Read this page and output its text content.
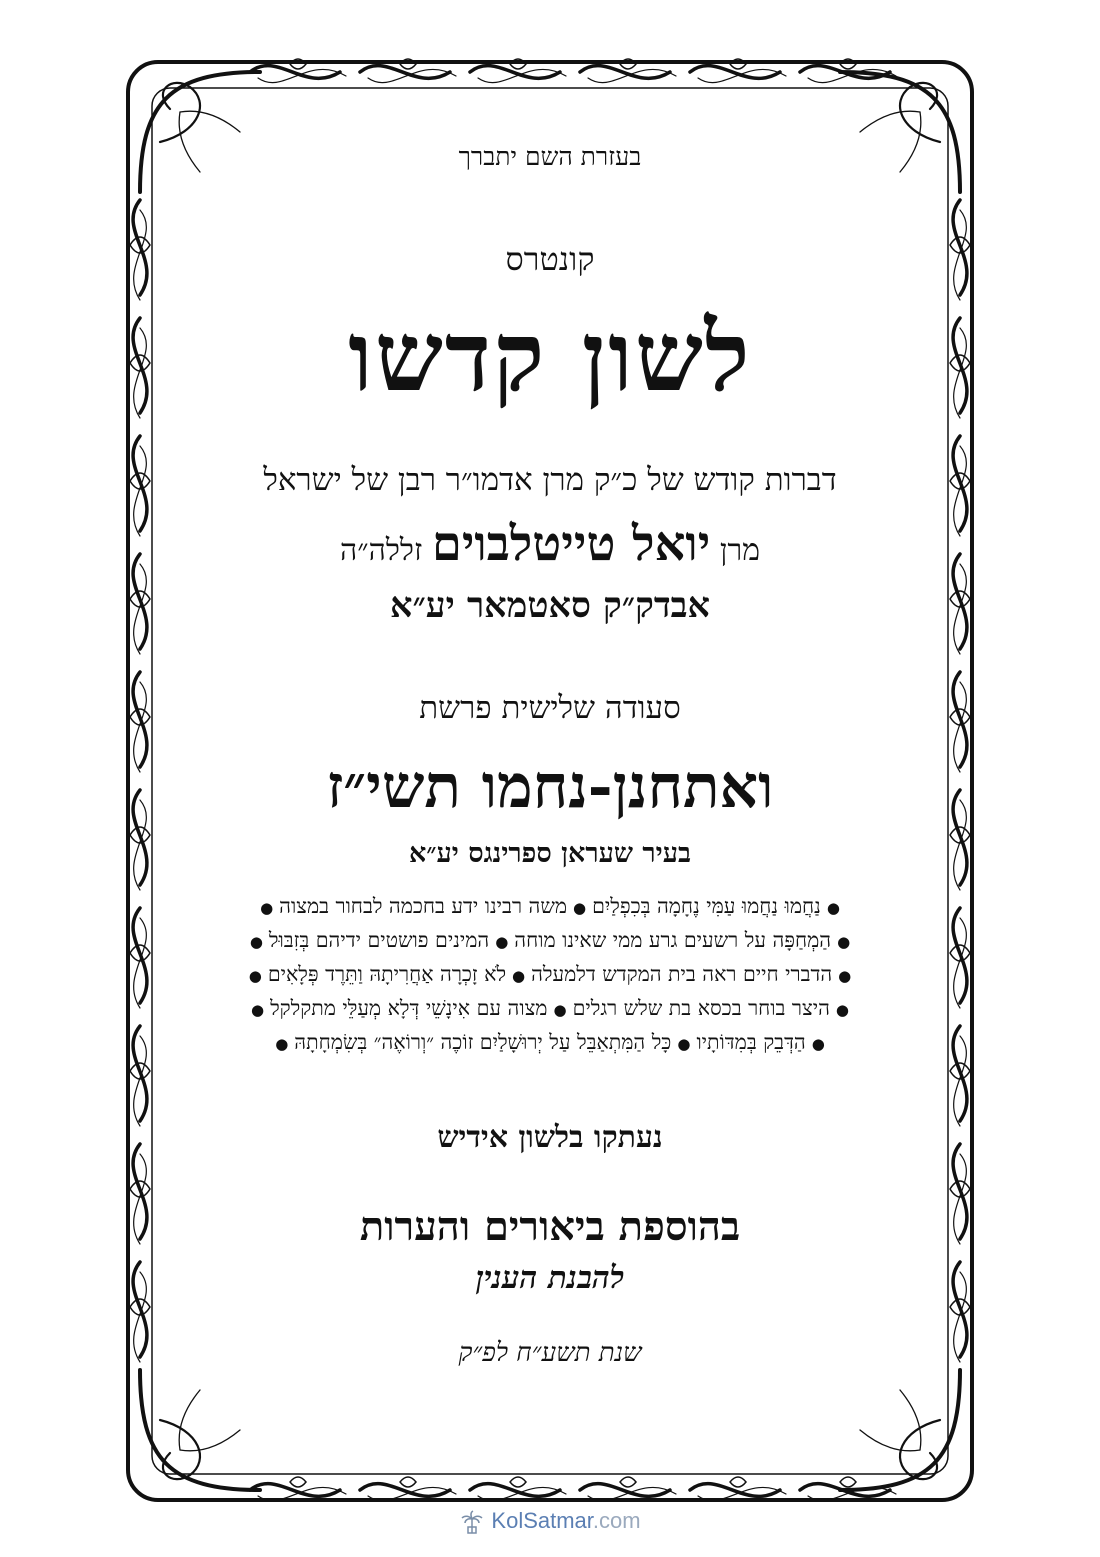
בעזרת השם יתברך
קונטרס
לשון קדשו
דברות קודש של כ״ק מרן אדמו״ר רבן של ישראל
מרן יואל טייטלבוים זללה״ה
אבדק״ק סאטמאר יע״א
סעודה שלישית פרשת
ואתחנן-נחמו תשי״ז
בעיר שעראן ספרינגס יע״א
●נַחֲמוּ נַחֲמוּ עַמִּי נֶחָמָה בְּכִפְלַיִם●משה רבינו ידע בחכמה לבחור במצוה●
●הַמְחַפָּה על רשעים גרע ממי שאינו מוחה●המינים פושטים ידיהם בְּזִבּוּל●
●הדברי חיים ראה בית המקדש דלמעלה●לֹא זָכְרָה אַחֲרִיתָהּ וַתֵּרֶד פְּלָאִים●
●היצר בוחר בכסא בת שלש רגלים●מצוה עם אִינָשֵׁי דְּלָא מְעַלֵּי מתקלקל●
●הַדְּבֵק בְּמִדּוֹתָיו●כָּל הַמִּתְאַבֵּל עַל יְרוּשָׁלַיִם זוֹכֶה ״וְרוֹאֶה״ בְּשִׂמְחָתָהּ●
נעתקו בלשון אידיש
בהוספת ביאורים והערות
להבנת הענין
שנת תשע״ח לפ״ק
KolSatmar.com
